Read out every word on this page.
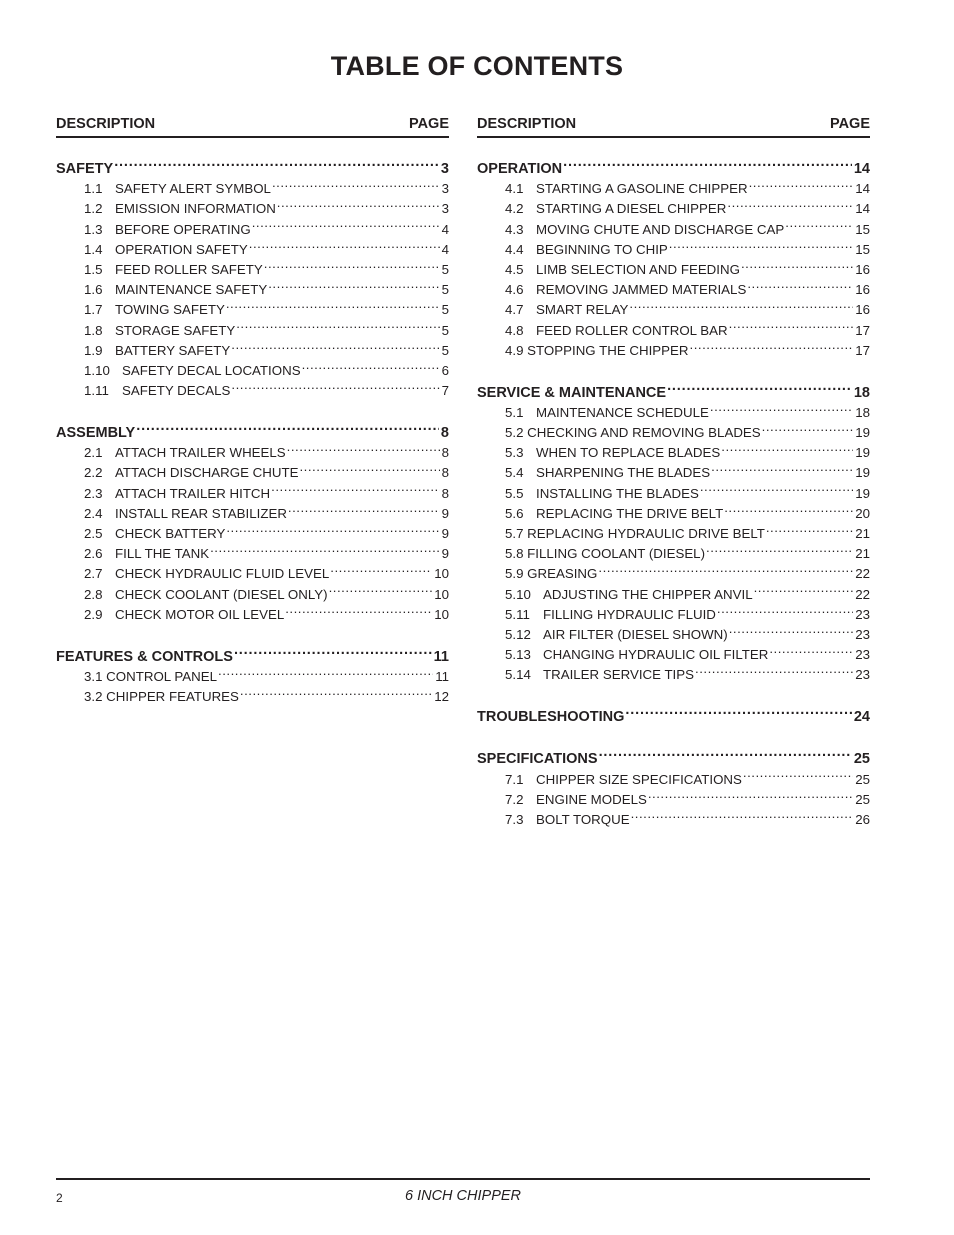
TABLE OF CONTENTS
DESCRIPTION	PAGE
SAFETY . . .	3
1.1 SAFETY ALERT SYMBOL . . .	3
1.2 EMISSION INFORMATION . . .	3
1.3 BEFORE OPERATING . . .	4
1.4 OPERATION SAFETY . . .	4
1.5 FEED ROLLER SAFETY . . .	5
1.6 MAINTENANCE SAFETY . . .	5
1.7 TOWING SAFETY . . .	5
1.8 STORAGE SAFETY . . .	5
1.9 BATTERY SAFETY . . .	5
1.10 SAFETY DECAL LOCATIONS . . .	6
1.11 SAFETY DECALS . . .	7
ASSEMBLY . . .	8
2.1 ATTACH TRAILER WHEELS . . .	8
2.2 ATTACH DISCHARGE CHUTE . . .	8
2.3 ATTACH TRAILER HITCH . . .	8
2.4 INSTALL REAR STABILIZER . . .	9
2.5 CHECK BATTERY . . .	9
2.6 FILL THE TANK . . .	9
2.7 CHECK HYDRAULIC FLUID LEVEL . . .	10
2.8 CHECK COOLANT (DIESEL ONLY) . . .	10
2.9 CHECK MOTOR OIL LEVEL . . .	10
FEATURES & CONTROLS . . .	11
3.1 CONTROL PANEL . . .	11
3.2 CHIPPER FEATURES . . .	12
DESCRIPTION	PAGE
OPERATION . . .	14
4.1 STARTING A GASOLINE CHIPPER . . .	14
4.2 STARTING A DIESEL CHIPPER . . .	14
4.3 MOVING CHUTE AND DISCHARGE CAP . . .	15
4.4 BEGINNING TO CHIP . . .	15
4.5 LIMB SELECTION AND FEEDING . . .	16
4.6 REMOVING JAMMED MATERIALS . . .	16
4.7 SMART RELAY . . .	16
4.8 FEED ROLLER CONTROL BAR . . .	17
4.9 STOPPING THE CHIPPER . . .	17
SERVICE & MAINTENANCE . . .	18
5.1 MAINTENANCE SCHEDULE . . .	18
5.2 CHECKING AND REMOVING BLADES . . .	19
5.3 WHEN TO REPLACE BLADES . . .	19
5.4 SHARPENING THE BLADES . . .	19
5.5 INSTALLING THE BLADES . . .	19
5.6 REPLACING THE DRIVE BELT . . .	20
5.7 REPLACING HYDRAULIC DRIVE BELT . . .	21
5.8 FILLING COOLANT (DIESEL) . . .	21
5.9 GREASING . . .	22
5.10 ADJUSTING THE CHIPPER ANVIL . . .	22
5.11 FILLING HYDRAULIC FLUID . . .	23
5.12 AIR FILTER (DIESEL SHOWN) . . .	23
5.13 CHANGING HYDRAULIC OIL FILTER . . .	23
5.14 TRAILER SERVICE TIPS . . .	23
TROUBLESHOOTING . . .	24
SPECIFICATIONS . . .	25
7.1 CHIPPER SIZE SPECIFICATIONS . . .	25
7.2 ENGINE MODELS . . .	25
7.3 BOLT TORQUE . . .	26
2	6 INCH CHIPPER
